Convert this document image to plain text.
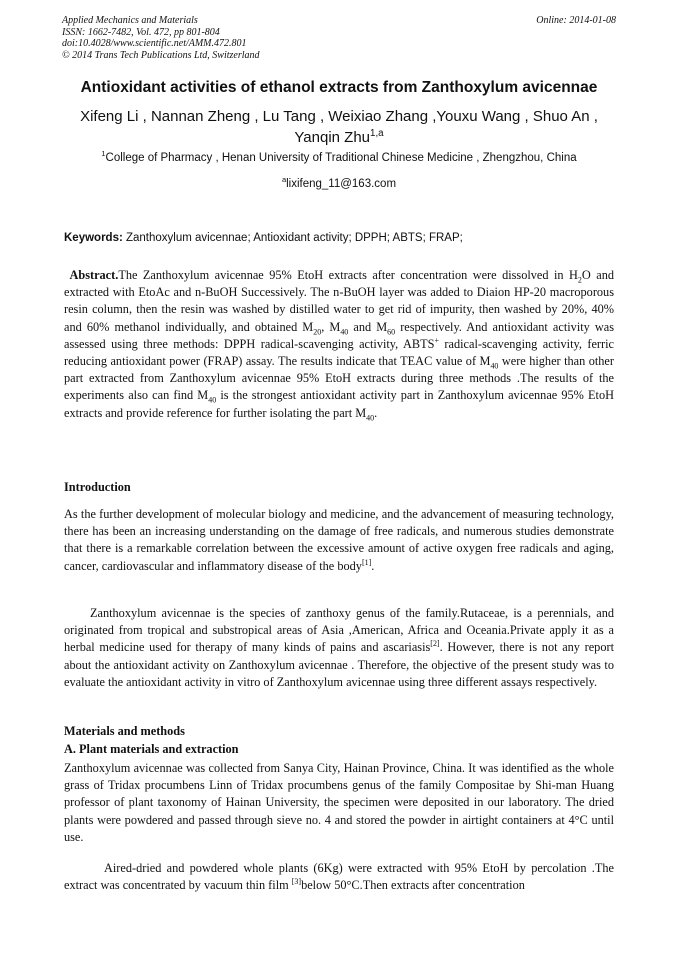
Applied Mechanics and Materials
ISSN: 1662-7482, Vol. 472, pp 801-804
doi:10.4028/www.scientific.net/AMM.472.801
© 2014 Trans Tech Publications Ltd, Switzerland
Online: 2014-01-08
Antioxidant activities of ethanol extracts from Zanthoxylum avicennae
Xifeng Li , Nannan Zheng , Lu Tang , Weixiao Zhang ,Youxu Wang , Shuo An ,
Yanqin Zhu$^{1,a}$
$^1$College of Pharmacy , Henan University of Traditional Chinese Medicine , Zhengzhou, China
$^a$lixifeng_11@163.com
Keywords: Zanthoxylum avicennae; Antioxidant activity; DPPH; ABTS; FRAP;
Abstract.The Zanthoxylum avicennae 95% EtoH extracts after concentration were dissolved in $H_2O$ and extracted with EtoAc and n-BuOH Successively. The n-BuOH layer was added to Diaion HP-20 macroporous resin column, then the resin was washed by distilled water to get rid of impurity, then washed by 20%, 40% and 60% methanol individually, and obtained $M_{20}$, $M_{40}$ and $M_{60}$ respectively. And antioxidant activity was assessed using three methods: DPPH radical-scavenging activity, ABTS+ radical-scavenging activity, ferric reducing antioxidant power (FRAP) assay. The results indicate that TEAC value of $M_{40}$ were higher than other part extracted from Zanthoxylum avicennae 95% EtoH extracts during three methods .The results of the experiments also can find $M_{40}$ is the strongest antioxidant activity part in Zanthoxylum avicennae 95% EtoH extracts and provide reference for further isolating the part $M_{40}$.
Introduction
As the further development of molecular biology and medicine, and the advancement of measuring technology, there has been an increasing understanding on the damage of free radicals, and numerous studies demonstrate that there is a remarkable correlation between the excessive amount of active oxygen free radicals and aging, cancer, cardiovascular and inflammatory disease of the body[1].
Zanthoxylum avicennae is the species of zanthoxy genus of the family.Rutaceae, is a perennials, and originated from tropical and substropical areas of Asia ,American, Africa and Oceania.Private apply it as a herbal medicine used for therapy of many kinds of pains and ascariasis[2]. However, there is not any report about the antioxidant activity on Zanthoxylum avicennae . Therefore, the objective of the present study was to evaluate the antioxidant activity in vitro of Zanthoxylum avicennae using three different assays respectively.
Materials and methods
A. Plant materials and extraction
Zanthoxylum avicennae was collected from Sanya City, Hainan Province, China. It was identified as the whole grass of Tridax procumbens Linn of Tridax procumbens genus of the family Compositae by Shi-man Huang professor of plant taxonomy of Hainan University, the specimen were deposited in our laboratory. The dried plants were powdered and passed through sieve no. 4 and stored the powder in airtight containers at 4°C until use.
Aired-dried and powdered whole plants (6Kg) were extracted with 95% EtoH by percolation .The extract was concentrated by vacuum thin film [3]below 50°C.Then extracts after concentration
